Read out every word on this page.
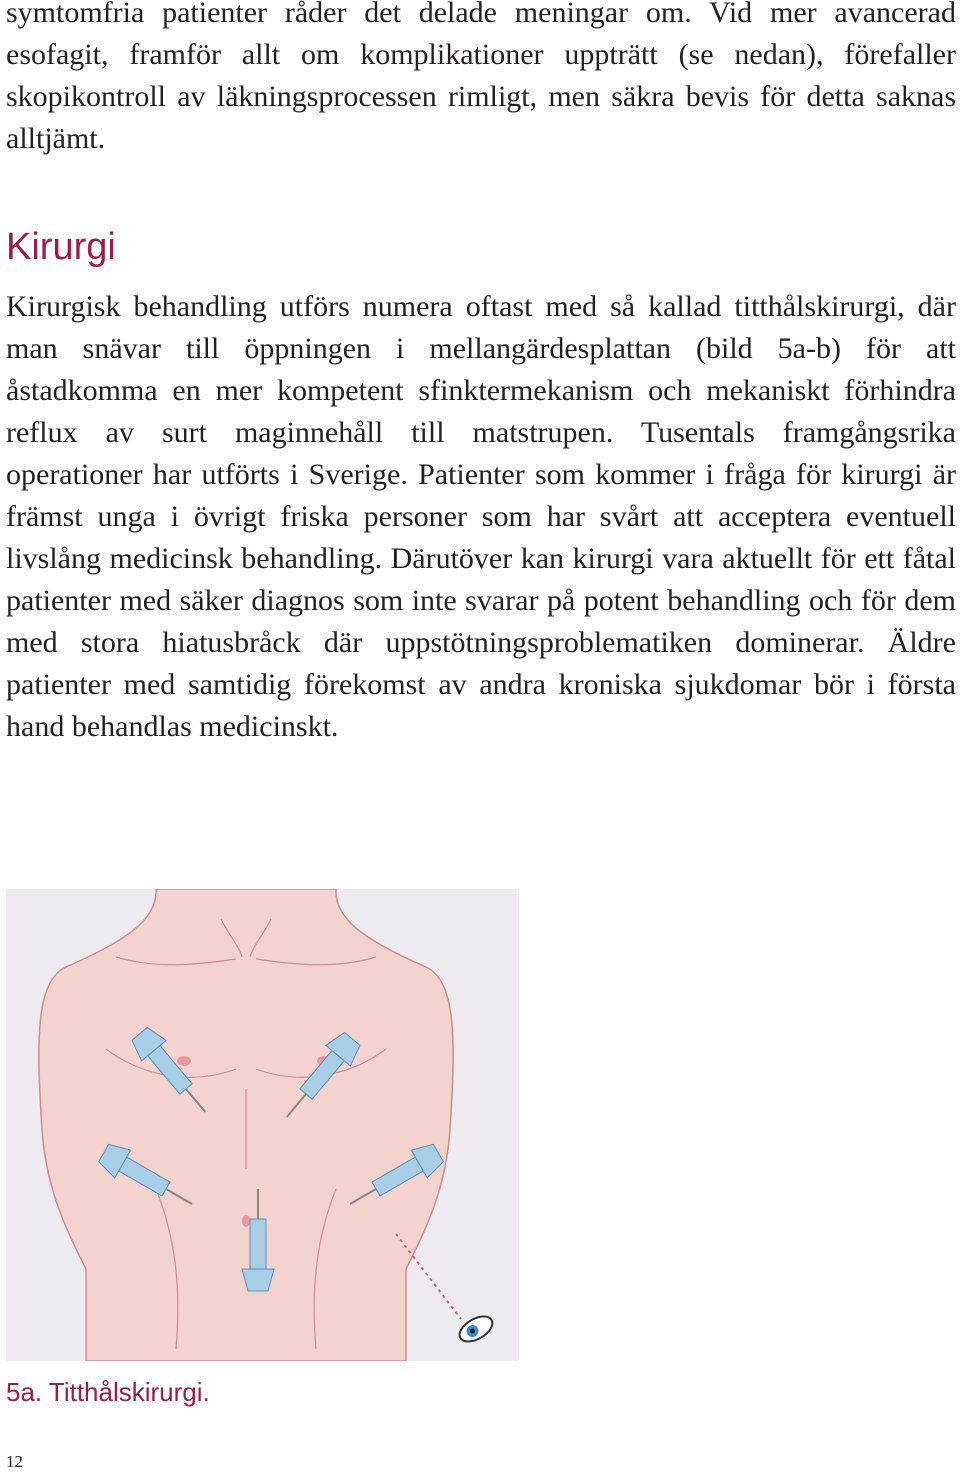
symtomfria patienter råder det delade meningar om. Vid mer avancerad esofagit, framför allt om komplikationer uppträtt (se nedan), förefaller skopikontroll av läkningsprocessen rimligt, men säkra bevis för detta saknas alltjämt.

Kirurgi

Kirurgisk behandling utförs numera oftast med så kallad titthålskirurgi, där man snävar till öppningen i mellangärdesplattan (bild 5a-b) för att åstadkomma en mer kompetent sfinktermekanism och mekaniskt förhindra reflux av surt maginnehåll till matstrupen. Tusentals framgångsrika operationer har utförts i Sverige. Patienter som kommer i fråga för kirurgi är främst unga i övrigt friska personer som har svårt att acceptera eventuell livslång medicinsk behandling. Därutöver kan kirurgi vara aktuellt för ett fåtal patienter med säker diagnos som inte svarar på potent behandling och för dem med stora hiatusbråck där uppstötningsproblematiken dominerar. Äldre patienter med samtidig förekomst av andra kroniska sjukdomar bör i första hand behandlas medicinskt.

5a. Titthålskirurgi.

12
